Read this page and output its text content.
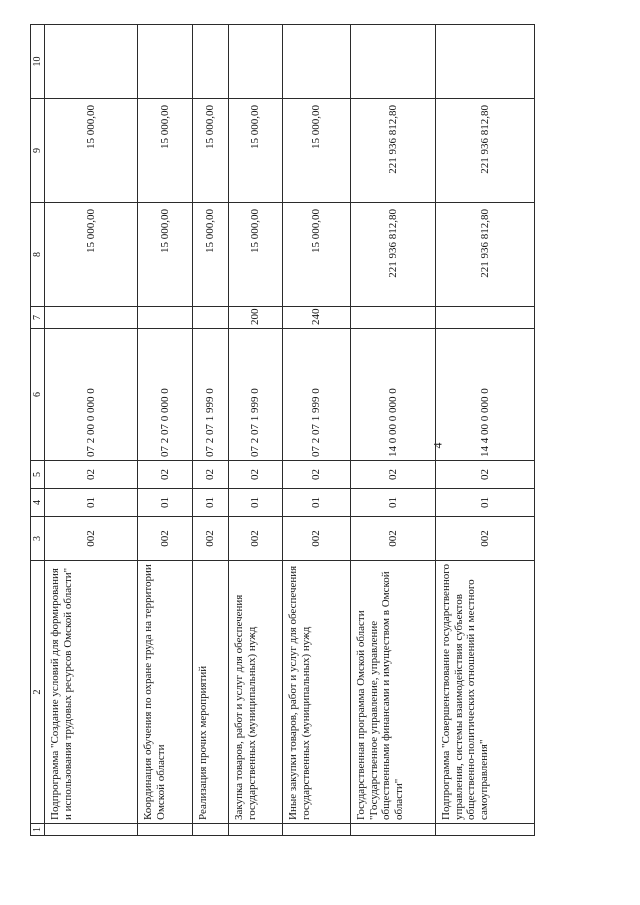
4
1	2	3	4	5	6	7	8	9	10
	Подпрограмма "Создание условий для формирования и использования трудовых ресурсов Омской области"	002	01	02	07 2 00 0 000 0		15 000,00	15 000,00	
	Координация обучения по охране труда на территории Омской области	002	01	02	07 2 07 0 000 0		15 000,00	15 000,00	
	Реализация прочих мероприятий	002	01	02	07 2 07 1 999 0		15 000,00	15 000,00	
	Закупка товаров, работ и услуг для обеспечения государственных (муниципальных) нужд	002	01	02	07 2 07 1 999 0	200	15 000,00	15 000,00	
	Иные закупки товаров, работ и услуг для обеспечения государственных (муниципальных) нужд	002	01	02	07 2 07 1 999 0	240	15 000,00	15 000,00	
	Государственная программа Омской области "Государственное управление, управление общественными финансами и имуществом в Омской области"	002	01	02	14 0 00 0 000 0		221 936 812,80	221 936 812,80	
	Подпрограмма "Совершенствование государственного управления, системы взаимодействия субъектов общественно-политических отношений и местного самоуправления"	002	01	02	14 4 00 0 000 0		221 936 812,80	221 936 812,80	
